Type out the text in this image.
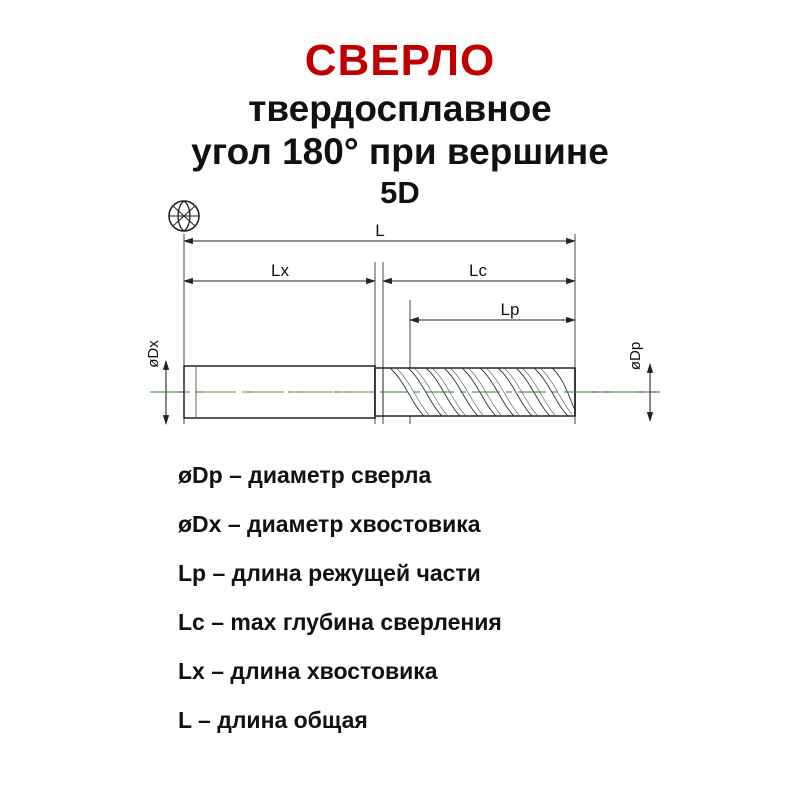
СВЕРЛО
твердосплавное
угол 180° при вершине
5D
L
Lx	Lc
Lp
øDx	øDp
øDp – диаметр сверла
øDx – диаметр хвостовика
Lp – длина режущей части
Lc – max глубина сверления
Lx – длина хвостовика
L – длина общая
